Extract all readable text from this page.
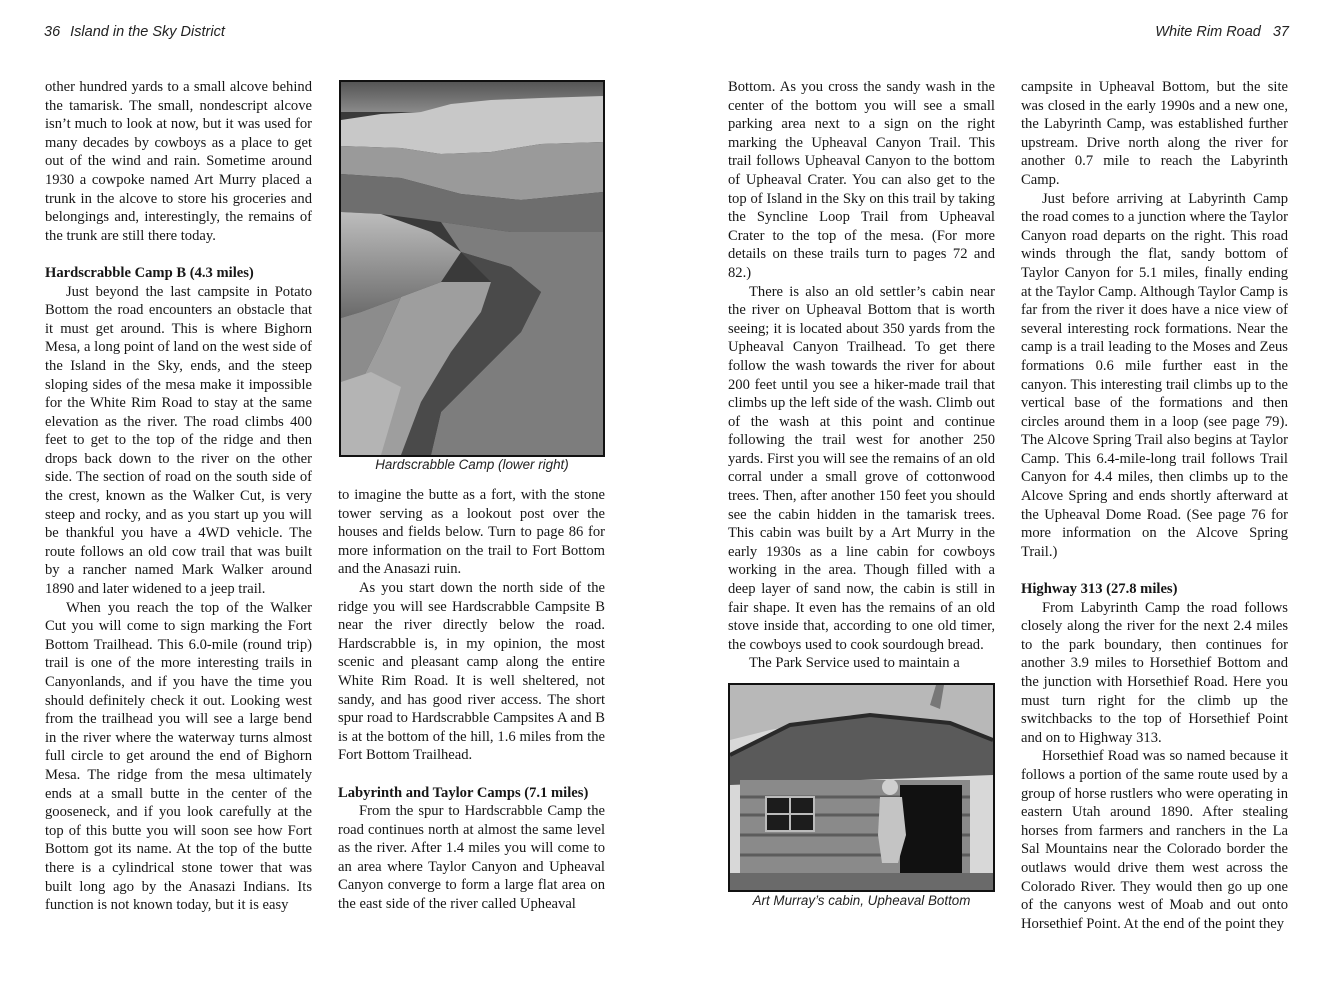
36 Island in the Sky District	White Rim Road 37

other hundred yards to a small alcove behind the tamarisk. The small, nondescript alcove isn’t much to look at now, but it was used for many decades by cowboys as a place to get out of the wind and rain. Sometime around 1930 a cowpoke named Art Murry placed a trunk in the alcove to store his groceries and belongings and, interestingly, the remains of the trunk are still there today.

Hardscrabble Camp B (4.3 miles)

Just beyond the last campsite in Potato Bottom the road encounters an obstacle that it must get around. This is where Bighorn Mesa, a long point of land on the west side of the Island in the Sky, ends, and the steep sloping sides of the mesa make it impossible for the White Rim Road to stay at the same elevation as the river. The road climbs 400 feet to get to the top of the ridge and then drops back down to the river on the other side. The section of road on the south side of the crest, known as the Walker Cut, is very steep and rocky, and as you start up you will be thankful you have a 4WD vehicle. The route follows an old cow trail that was built by a rancher named Mark Walker around 1890 and later widened to a jeep trail.

When you reach the top of the Walker Cut you will come to sign marking the Fort Bottom Trailhead. This 6.0-mile (round trip) trail is one of the more interesting trails in Canyonlands, and if you have the time you should definitely check it out. Looking west from the trailhead you will see a large bend in the river where the waterway turns almost full circle to get around the end of Bighorn Mesa. The ridge from the mesa ultimately ends at a small butte in the center of the gooseneck, and if you look carefully at the top of this butte you will soon see how Fort Bottom got its name. At the top of the butte there is a cylindrical stone tower that was built long ago by the Anasazi Indians. Its function is not known today, but it is easy

Hardscrabble Camp (lower right)

to imagine the butte as a fort, with the stone tower serving as a lookout post over the houses and fields below. Turn to page 86 for more information on the trail to Fort Bottom and the Anasazi ruin.

As you start down the north side of the ridge you will see Hardscrabble Campsite B near the river directly below the road. Hardscrabble is, in my opinion, the most scenic and pleasant camp along the entire White Rim Road. It is well sheltered, not sandy, and has good river access. The short spur road to Hardscrabble Campsites A and B is at the bottom of the hill, 1.6 miles from the Fort Bottom Trailhead.

Labyrinth and Taylor Camps (7.1 miles)

From the spur to Hardscrabble Camp the road continues north at almost the same level as the river. After 1.4 miles you will come to an area where Taylor Canyon and Upheaval Canyon converge to form a large flat area on the east side of the river called Upheaval

Bottom. As you cross the sandy wash in the center of the bottom you will see a small parking area next to a sign on the right marking the Upheaval Canyon Trail. This trail follows Upheaval Canyon to the bottom of Upheaval Crater. You can also get to the top of Island in the Sky on this trail by taking the Syncline Loop Trail from Upheaval Crater to the top of the mesa. (For more details on these trails turn to pages 72 and 82.)

There is also an old settler’s cabin near the river on Upheaval Bottom that is worth seeing; it is located about 350 yards from the Upheaval Canyon Trailhead. To get there follow the wash towards the river for about 200 feet until you see a hiker-made trail that climbs up the left side of the wash. Climb out of the wash at this point and continue following the trail west for another 250 yards. First you will see the remains of an old corral under a small grove of cottonwood trees. Then, after another 150 feet you should see the cabin hidden in the tamarisk trees. This cabin was built by a Art Murry in the early 1930s as a line cabin for cowboys working in the area. Though filled with a deep layer of sand now, the cabin is still in fair shape. It even has the remains of an old stove inside that, according to one old timer, the cowboys used to cook sourdough bread.

The Park Service used to maintain a

Art Murray’s cabin, Upheaval Bottom

campsite in Upheaval Bottom, but the site was closed in the early 1990s and a new one, the Labyrinth Camp, was established further upstream. Drive north along the river for another 0.7 mile to reach the Labyrinth Camp.

Just before arriving at Labyrinth Camp the road comes to a junction where the Taylor Canyon road departs on the right. This road winds through the flat, sandy bottom of Taylor Canyon for 5.1 miles, finally ending at the Taylor Camp. Although Taylor Camp is far from the river it does have a nice view of several interesting rock formations. Near the camp is a trail leading to the Moses and Zeus formations 0.6 mile further east in the canyon. This interesting trail climbs up to the vertical base of the formations and then circles around them in a loop (see page 79). The Alcove Spring Trail also begins at Taylor Camp. This 6.4-mile-long trail follows Trail Canyon for 4.4 miles, then climbs up to the Alcove Spring and ends shortly afterward at the Upheaval Dome Road. (See page 76 for more information on the Alcove Spring Trail.)

Highway 313 (27.8 miles)

From Labyrinth Camp the road follows closely along the river for the next 2.4 miles to the park boundary, then continues for another 3.9 miles to Horsethief Bottom and the junction with Horsethief Road. Here you must turn right for the climb up the switchbacks to the top of Horsethief Point and on to Highway 313.

Horsethief Road was so named because it follows a portion of the same route used by a group of horse rustlers who were operating in eastern Utah around 1890. After stealing horses from farmers and ranchers in the La Sal Mountains near the Colorado border the outlaws would drive them west across the Colorado River. They would then go up one of the canyons west of Moab and out onto Horsethief Point. At the end of the point they
